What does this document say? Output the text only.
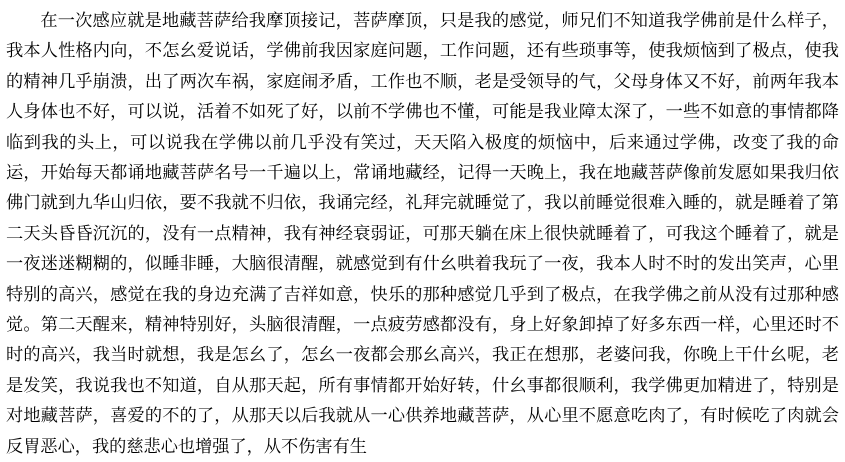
在一次感应就是地藏菩萨给我摩顶接记，菩萨摩顶，只是我的感觉，师兄们不知道我学佛前是什么样子，我本人性格内向，不怎幺爱说话，学佛前我因家庭问题，工作问题，还有些琐事等，使我烦恼到了极点，使我的精神几乎崩溃，出了两次车祸，家庭闹矛盾，工作也不顺，老是受领导的气，父母身体又不好，前两年我本人身体也不好，可以说，活着不如死了好，以前不学佛也不懂，可能是我业障太深了，一些不如意的事情都降临到我的头上，可以说我在学佛以前几乎没有笑过，天天陷入极度的烦恼中，后来通过学佛，改变了我的命运，开始每天都诵地藏菩萨名号一千遍以上，常诵地藏经，记得一天晚上，我在地藏菩萨像前发愿如果我归依佛门就到九华山归依，要不我就不归依，我诵完经，礼拜完就睡觉了，我以前睡觉很难入睡的，就是睡着了第二天头昏昏沉沉的，没有一点精神，我有神经衰弱证，可那天躺在床上很快就睡着了，可我这个睡着了，就是一夜迷迷糊糊的，似睡非睡，大脑很清醒，就感觉到有什幺哄着我玩了一夜，我本人时不时的发出笑声，心里特别的高兴，感觉在我的身边充满了吉祥如意，快乐的那种感觉几乎到了极点，在我学佛之前从没有过那种感觉。第二天醒来，精神特别好，头脑很清醒，一点疲劳感都没有，身上好象卸掉了好多东西一样，心里还时不时的高兴，我当时就想，我是怎幺了，怎幺一夜都会那幺高兴，我正在想那，老婆问我，你晚上干什幺呢，老是发笑，我说我也不知道，自从那天起，所有事情都开始好转，什幺事都很顺利，我学佛更加精进了，特别是对地藏菩萨，喜爱的不的了，从那天以后我就从一心供养地藏菩萨，从心里不愿意吃肉了，有时候吃了肉就会反胃恶心，我的慈悲心也增强了，从不伤害有生
